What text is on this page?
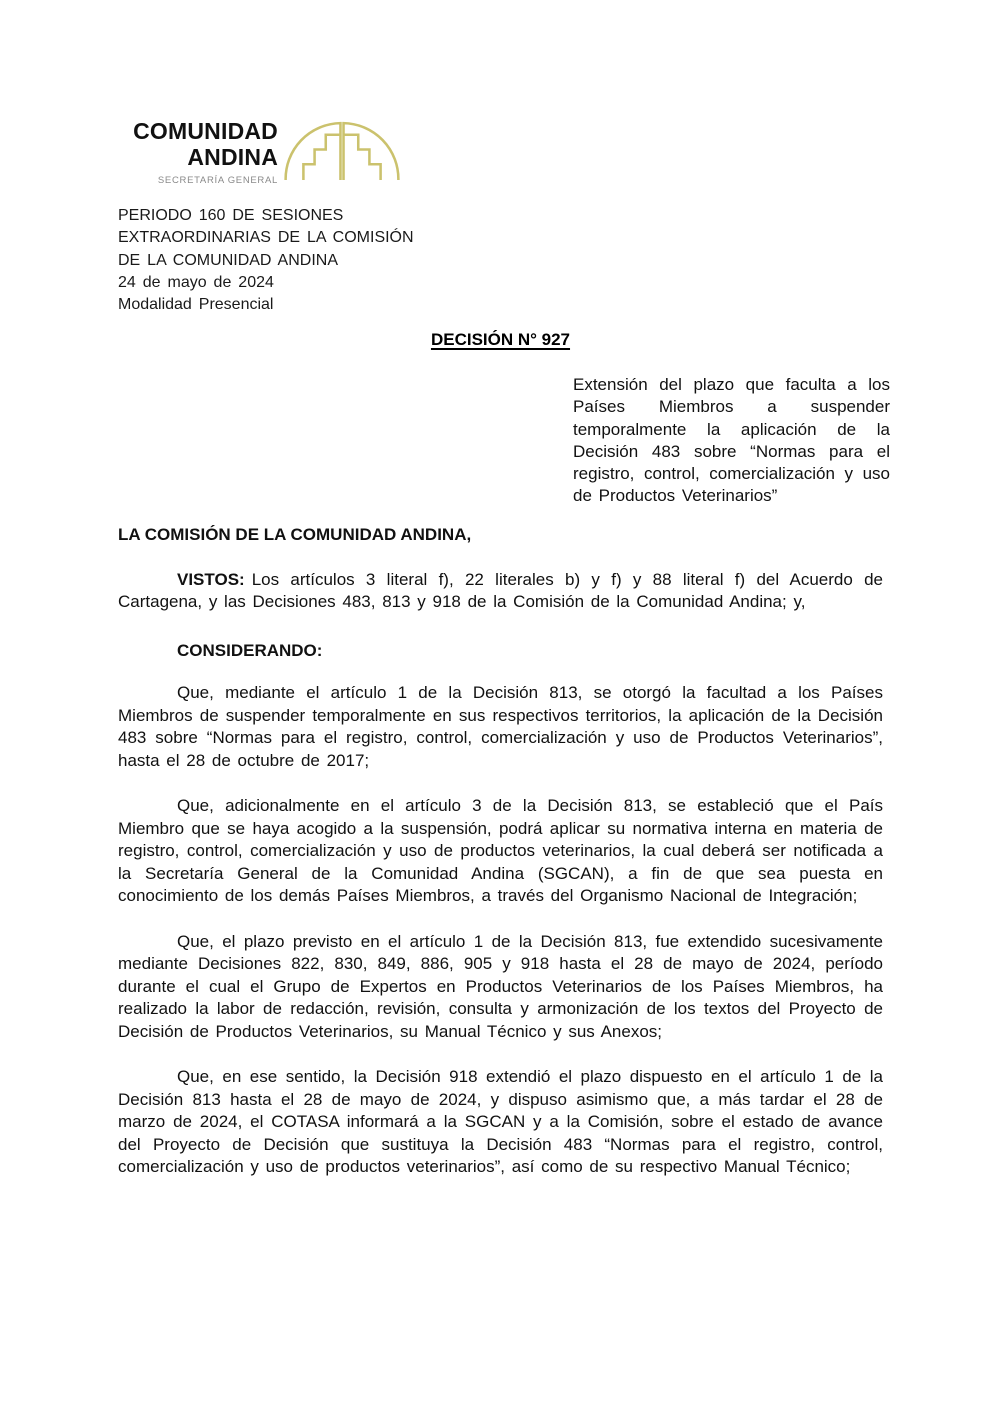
COMUNIDAD
ANDINA
SECRETARÍA GENERAL
PERIODO 160 DE SESIONES
EXTRAORDINARIAS DE LA COMISIÓN
DE LA COMUNIDAD ANDINA
24 de mayo de 2024
Modalidad Presencial
DECISIÓN N° 927
Extensión del plazo que faculta a los Países Miembros a suspender temporalmente la aplicación de la Decisión 483 sobre “Normas para el registro, control, comercialización y uso de Productos Veterinarios”

LA COMISIÓN DE LA COMUNIDAD ANDINA,

VISTOS: Los artículos 3 literal f), 22 literales b) y f) y 88 literal f) del Acuerdo de Cartagena, y las Decisiones 483, 813 y 918 de la Comisión de la Comunidad Andina; y,

CONSIDERANDO:

Que, mediante el artículo 1 de la Decisión 813, se otorgó la facultad a los Países Miembros de suspender temporalmente en sus respectivos territorios, la aplicación de la Decisión 483 sobre “Normas para el registro, control, comercialización y uso de Productos Veterinarios”, hasta el 28 de octubre de 2017;

Que, adicionalmente en el artículo 3 de la Decisión 813, se estableció que el País Miembro que se haya acogido a la suspensión, podrá aplicar su normativa interna en materia de registro, control, comercialización y uso de productos veterinarios, la cual deberá ser notificada a la Secretaría General de la Comunidad Andina (SGCAN), a fin de que sea puesta en conocimiento de los demás Países Miembros, a través del Organismo Nacional de Integración;

Que, el plazo previsto en el artículo 1 de la Decisión 813, fue extendido sucesivamente mediante Decisiones 822, 830, 849, 886, 905 y 918 hasta el 28 de mayo de 2024, período durante el cual el Grupo de Expertos en Productos Veterinarios de los Países Miembros, ha realizado la labor de redacción, revisión, consulta y armonización de los textos del Proyecto de Decisión de Productos Veterinarios, su Manual Técnico y sus Anexos;

Que, en ese sentido, la Decisión 918 extendió el plazo dispuesto en el artículo 1 de la Decisión 813 hasta el 28 de mayo de 2024, y dispuso asimismo que, a más tardar el 28 de marzo de 2024, el COTASA informará a la SGCAN y a la Comisión, sobre el estado de avance del Proyecto de Decisión que sustituya la Decisión 483 “Normas para el registro, control, comercialización y uso de productos veterinarios”, así como de su respectivo Manual Técnico;
